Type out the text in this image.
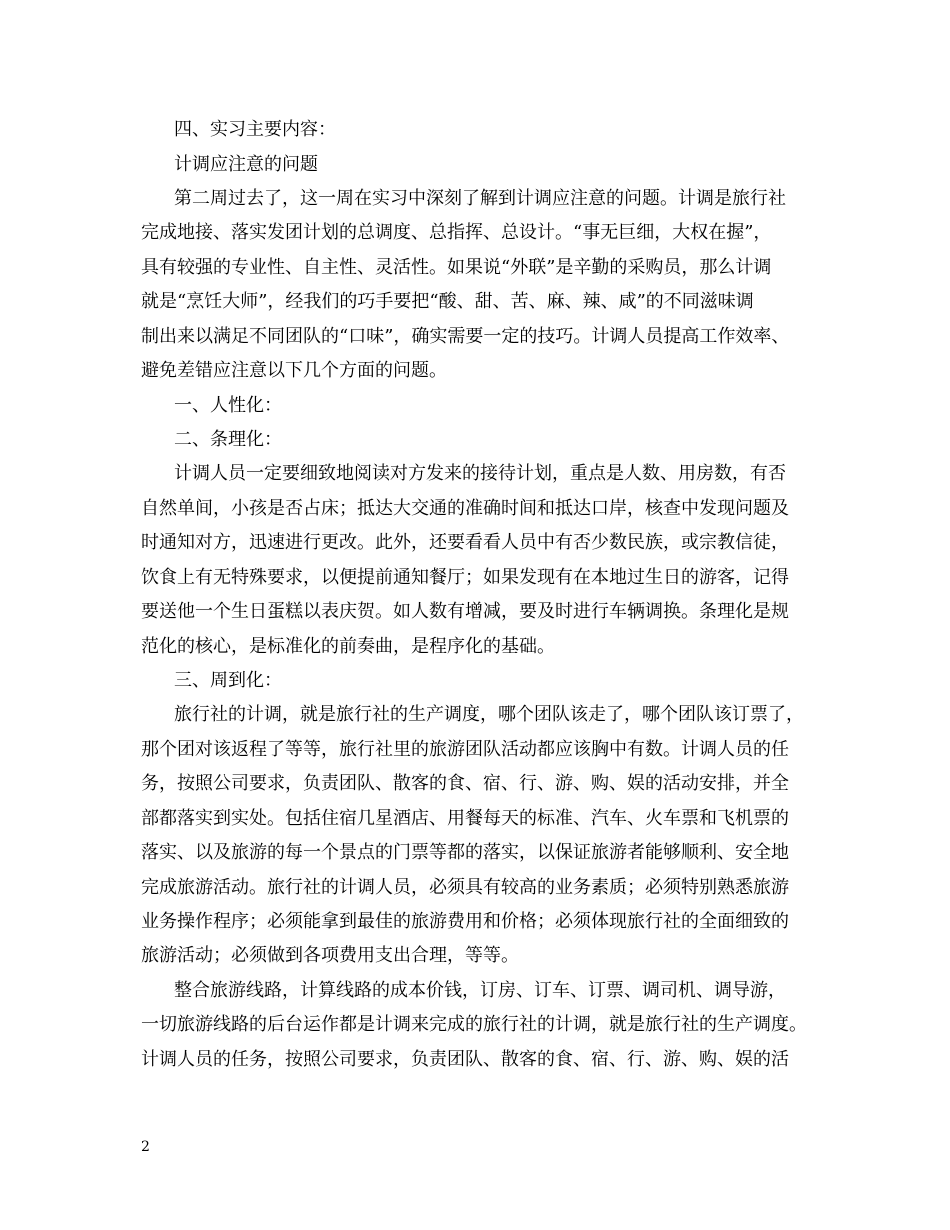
四、实习主要内容：
计调应注意的问题
第二周过去了，这一周在实习中深刻了解到计调应注意的问题。计调是旅行社
完成地接、落实发团计划的总调度、总指挥、总设计。“事无巨细，大权在握”，
具有较强的专业性、自主性、灵活性。如果说“外联”是辛勤的采购员，那么计调
就是“烹饪大师”，经我们的巧手要把“酸、甜、苦、麻、辣、咸”的不同滋味调
制出来以满足不同团队的“口味”，确实需要一定的技巧。计调人员提高工作效率、
避免差错应注意以下几个方面的问题。
一、人性化：
二、条理化：
计调人员一定要细致地阅读对方发来的接待计划，重点是人数、用房数，有否
自然单间，小孩是否占床；抵达大交通的准确时间和抵达口岸，核查中发现问题及
时通知对方，迅速进行更改。此外，还要看看人员中有否少数民族，或宗教信徒，
饮食上有无特殊要求，以便提前通知餐厅；如果发现有在本地过生日的游客，记得
要送他一个生日蛋糕以表庆贺。如人数有增减，要及时进行车辆调换。条理化是规
范化的核心，是标准化的前奏曲，是程序化的基础。
三、周到化：
旅行社的计调，就是旅行社的生产调度，哪个团队该走了，哪个团队该订票了，
那个团对该返程了等等，旅行社里的旅游团队活动都应该胸中有数。计调人员的任
务，按照公司要求，负责团队、散客的食、宿、行、游、购、娱的活动安排，并全
部都落实到实处。包括住宿几星酒店、用餐每天的标准、汽车、火车票和飞机票的
落实、以及旅游的每一个景点的门票等都的落实，以保证旅游者能够顺利、安全地
完成旅游活动。旅行社的计调人员，必须具有较高的业务素质；必须特别熟悉旅游
业务操作程序；必须能拿到最佳的旅游费用和价格；必须体现旅行社的全面细致的
旅游活动；必须做到各项费用支出合理，等等。
整合旅游线路，计算线路的成本价钱，订房、订车、订票、调司机、调导游，
一切旅游线路的后台运作都是计调来完成的旅行社的计调，就是旅行社的生产调度。
计调人员的任务，按照公司要求，负责团队、散客的食、宿、行、游、购、娱的活
2
